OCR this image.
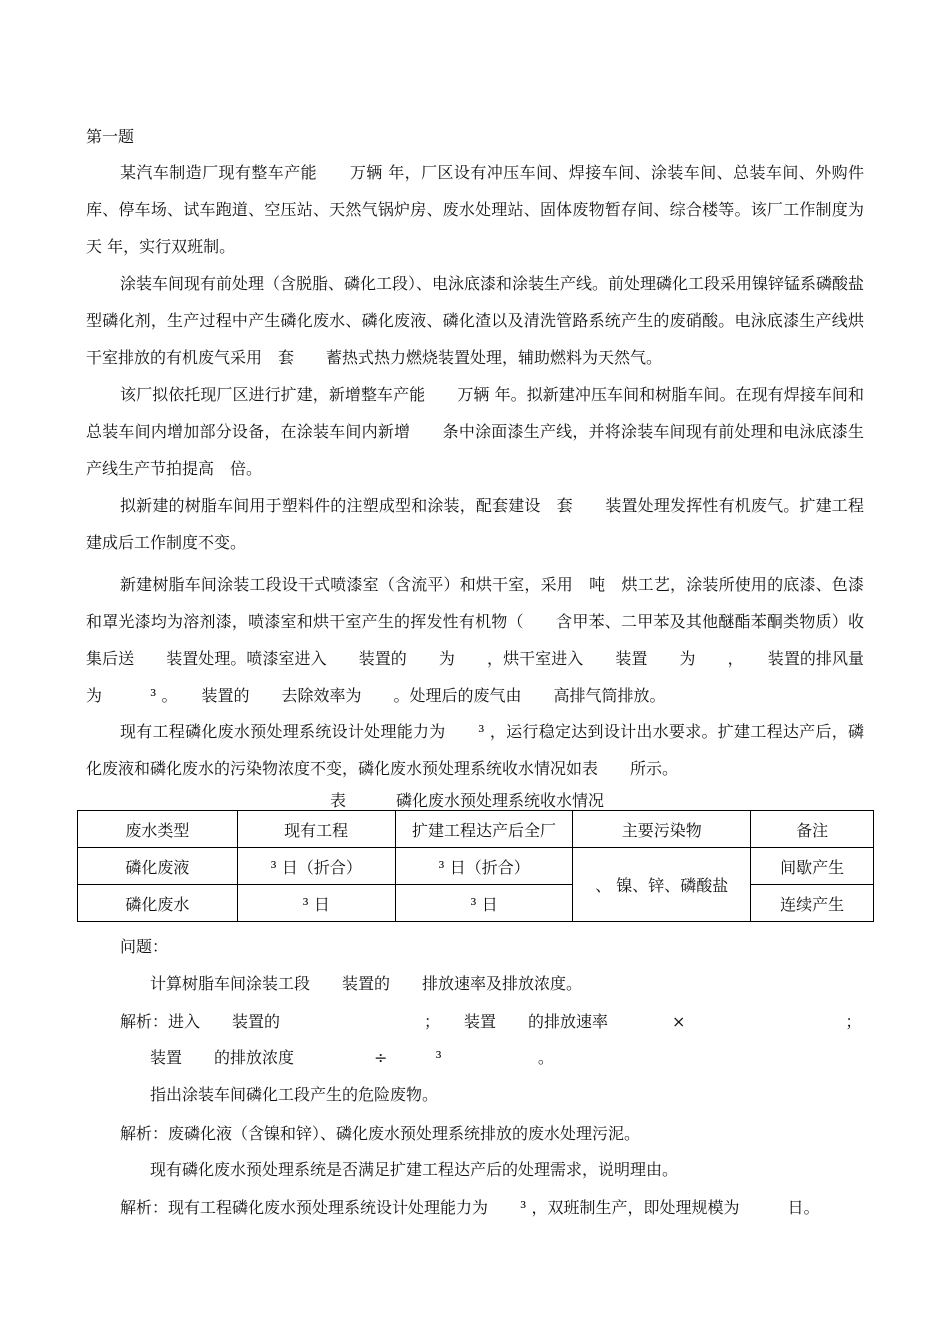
第一题

某汽车制造厂现有整车产能　　万辆 年，厂区设有冲压车间、焊接车间、涂装车间、总装车间、外购件库、停车场、试车跑道、空压站、天然气锅炉房、废水处理站、固体废物暂存间、综合楼等。该厂工作制度为　　天 年，实行双班制。

涂装车间现有前处理（含脱脂、磷化工段）、电泳底漆和涂装生产线。前处理磷化工段采用镍锌锰系磷酸盐型磷化剂，生产过程中产生磷化废水、磷化废液、磷化渣以及清洗管路系统产生的废硝酸。电泳底漆生产线烘干室排放的有机废气采用　套　　蓄热式热力燃烧装置处理，辅助燃料为天然气。

该厂拟依托现厂区进行扩建，新增整车产能　　万辆 年。拟新建冲压车间和树脂车间。在现有焊接车间和总装车间内增加部分设备，在涂装车间内新增　　条中涂面漆生产线，并将涂装车间现有前处理和电泳底漆生产线生产节拍提高　倍。

拟新建的树脂车间用于塑料件的注塑成型和涂装，配套建设　套　　装置处理发挥性有机废气。扩建工程建成后工作制度不变。

新建树脂车间涂装工段设干式喷漆室（含流平）和烘干室，采用　吨　烘工艺，涂装所使用的底漆、色漆和罩光漆均为溶剂漆，喷漆室和烘干室产生的挥发性有机物（　　含甲苯、二甲苯及其他醚酯苯酮类物质）收集后送　　装置处理。喷漆室进入　　装置的　　为　　，烘干室进入　　装置　　为　　，　　装置的排风量为　　　³ 。　　装置的　　去除效率为　　。处理后的废气由　　高排气筒排放。

现有工程磷化废水预处理系统设计处理能力为　　³ ，运行稳定达到设计出水要求。扩建工程达产后，磷化废液和磷化废水的污染物浓度不变，磷化废水预处理系统收水情况如表　　所示。

表	磷化废水预处理系统收水情况
废水类型	现有工程	扩建工程达产后全厂	主要污染物	备注
磷化废液	³ 日（折合）	³ 日（折合）	、 镍、锌、磷酸盐	间歇产生
磷化废水	³ 日	³ 日		连续产生
问题：
计算树脂车间涂装工段　　装置的　　排放速率及排放浓度。
解析：进入　　装置的　　　　　　　　　；　　装置　　的排放速率　　　　×　　　　　　　　　　；
装置　　的排放浓度　　　　　÷　　　³　　　　　　。
指出涂装车间磷化工段产生的危险废物。
解析：废磷化液（含镍和锌）、磷化废水预处理系统排放的废水处理污泥。
现有磷化废水预处理系统是否满足扩建工程达产后的处理需求，说明理由。
解析：现有工程磷化废水预处理系统设计处理能力为　　³ ，双班制生产，即处理规模为　　　日。
